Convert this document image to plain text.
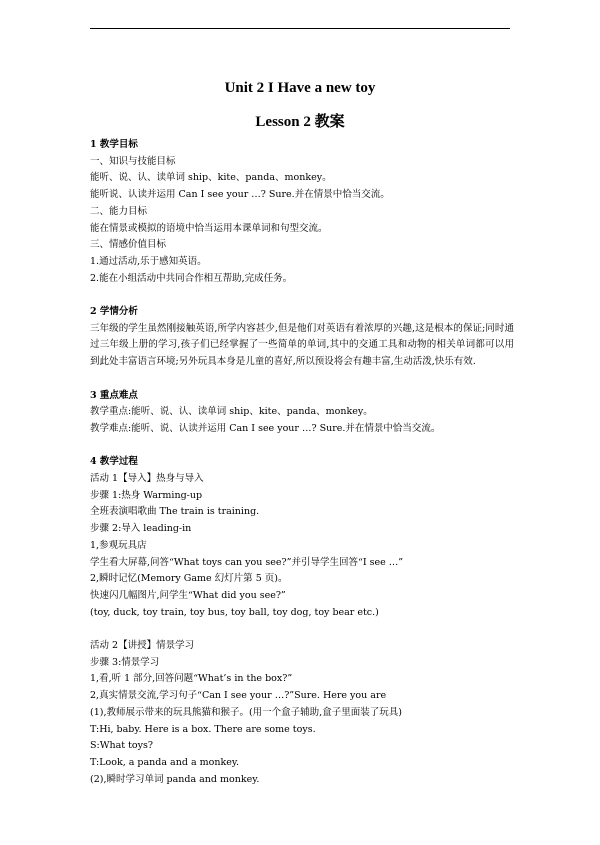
Unit 2 I Have a new toy
Lesson 2 教案
1 教学目标
一、知识与技能目标
能听、说、认、读单词 ship、kite、panda、monkey。
能听说、认读并运用 Can I see your …? Sure.并在情景中恰当交流。
二、能力目标
能在情景或模拟的语境中恰当运用本课单词和句型交流。
三、情感价值目标
1.通过活动,乐于感知英语。
2.能在小组活动中共同合作相互帮助,完成任务。
2 学情分析
三年级的学生虽然刚接触英语,所学内容甚少,但是他们对英语有着浓厚的兴趣,这是根本的保证;同时通过三年级上册的学习,孩子们已经掌握了一些简单的单词,其中的交通工具和动物的相关单词都可以用到此处丰富语言环境;另外玩具本身是儿童的喜好,所以预设将会有趣丰富,生动活泼,快乐有效.
3 重点难点
教学重点:能听、说、认、读单词 ship、kite、panda、monkey。
教学难点:能听、说、认读并运用 Can I see your …? Sure.并在情景中恰当交流。
4 教学过程
活动 1【导入】热身与导入
步骤 1:热身 Warming-up
全班表演唱歌曲 The train is training.
步骤 2:导入 leading-in
1,参观玩具店
学生看大屏幕,问答“What toys can you see?”并引导学生回答“I see …”
2,瞬时记忆(Memory Game 幻灯片第 5 页)。
快速闪几幅图片,问学生“What did you see?”
(toy, duck, toy train, toy bus, toy ball, toy dog, toy bear etc.)
活动 2【讲授】情景学习
步骤 3:情景学习
1,看,听 1 部分,回答问题“What’s in the box?”
2,真实情景交流,学习句子“Can I see your …?”Sure. Here you are
(1),教师展示带来的玩具熊猫和猴子。(用一个盒子辅助,盒子里面装了玩具)
T:Hi, baby. Here is a box. There are some toys.
S:What toys?
T:Look, a panda and a monkey.
(2),瞬时学习单词 panda and monkey.
